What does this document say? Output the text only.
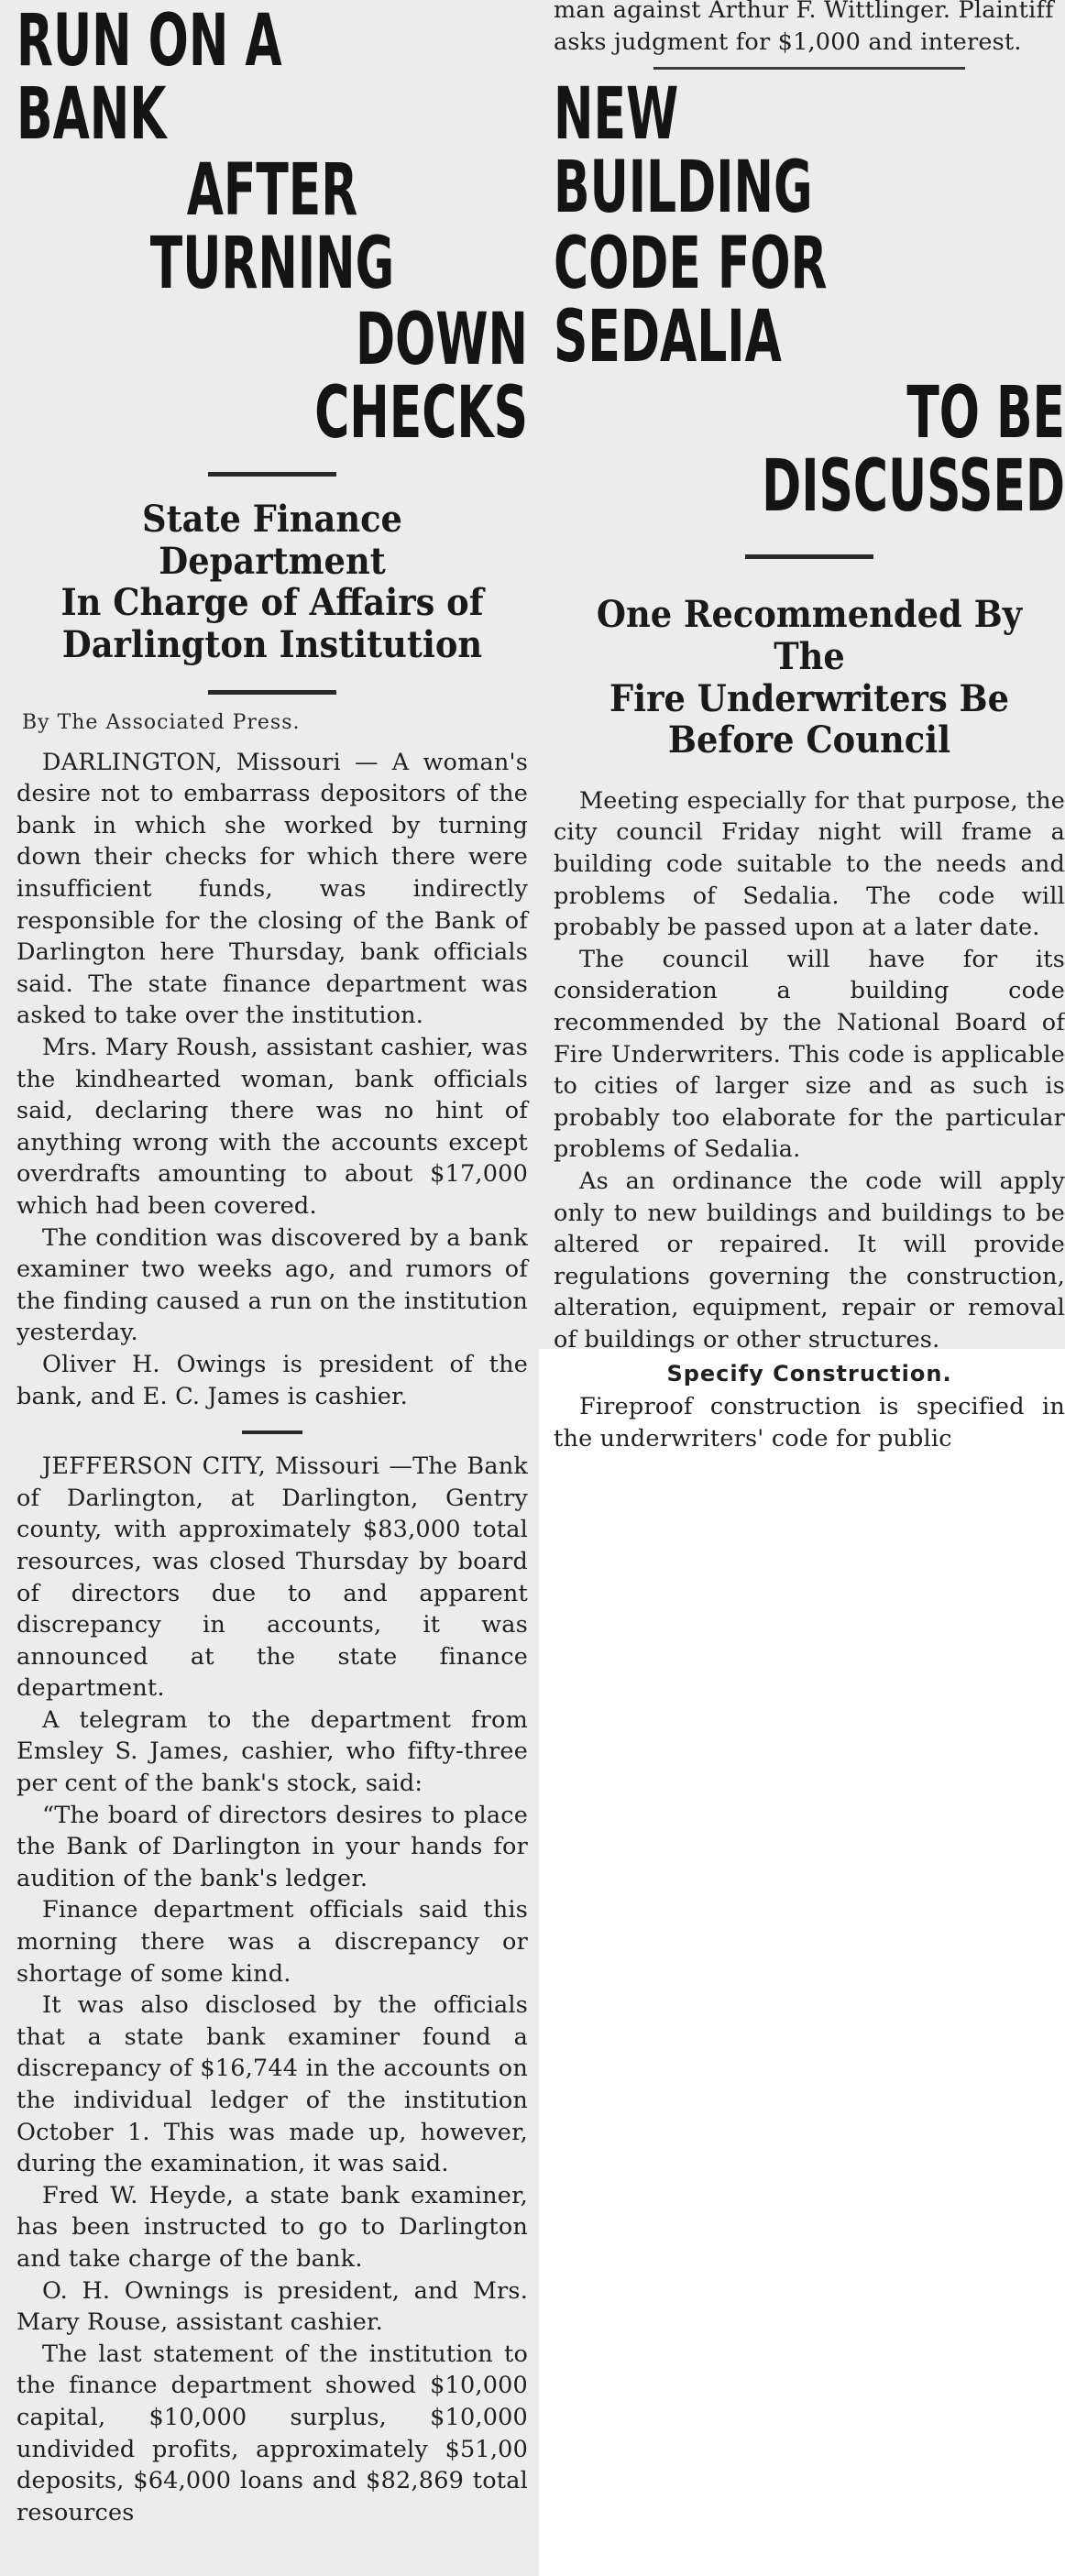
RUN ON A BANK
AFTER TURNING
DOWN CHECKS
State Finance Department
In Charge of Affairs of
Darlington Institution
By The Associated Press.

DARLINGTON, Missouri — A woman's desire not to embarrass depositors of the bank in which she worked by turning down their checks for which there were insufficient funds, was indirectly responsible for the closing of the Bank of Darlington here Thursday, bank officials said. The state finance department was asked to take over the institution.

Mrs. Mary Roush, assistant cashier, was the kindhearted woman, bank officials said, declaring there was no hint of anything wrong with the accounts except overdrafts amounting to about $17,000 which had been covered.

The condition was discovered by a bank examiner two weeks ago, and rumors of the finding caused a run on the institution yesterday.

Oliver H. Owings is president of the bank, and E. C. James is cashier.

JEFFERSON CITY, Missouri —The Bank of Darlington, at Darlington, Gentry county, with approximately $83,000 total resources, was closed Thursday by board of directors due to and apparent discrepancy in accounts, it was announced at the state finance department.

A telegram to the department from Emsley S. James, cashier, who fifty-three per cent of the bank's stock, said:

“The board of directors desires to place the Bank of Darlington in your hands for audition of the bank's ledger.

Finance department officials said this morning there was a discrepancy or shortage of some kind.

It was also disclosed by the officials that a state bank examiner found a discrepancy of $16,744 in the accounts on the individual ledger of the institution October 1. This was made up, however, during the examination, it was said.

Fred W. Heyde, a state bank examiner, has been instructed to go to Darlington and take charge of the bank.

O. H. Ownings is president, and Mrs. Mary Rouse, assistant cashier.

The last statement of the institution to the finance department showed $10,000 capital, $10,000 surplus, $10,000 undivided profits, approximately $51,00 deposits, $64,000 loans and $82,869 total resources

man against Arthur F. Wittlinger. Plaintiff asks judgment for $1,000 and interest.

NEW BUILDING
CODE FOR SEDALIA
TO BE DISCUSSED
One Recommended By The
Fire Underwriters Be
Before Council

Meeting especially for that purpose, the city council Friday night will frame a building code suitable to the needs and problems of Sedalia. The code will probably be passed upon at a later date.

The council will have for its consideration a building code recommended by the National Board of Fire Underwriters. This code is applicable to cities of larger size and as such is probably too elaborate for the particular problems of Sedalia.

As an ordinance the code will apply only to new buildings and buildings to be altered or repaired. It will provide regulations governing the construction, alteration, equipment, repair or removal of buildings or other structures.

Specify Construction.

Fireproof construction is specified in the underwriters' code for public
